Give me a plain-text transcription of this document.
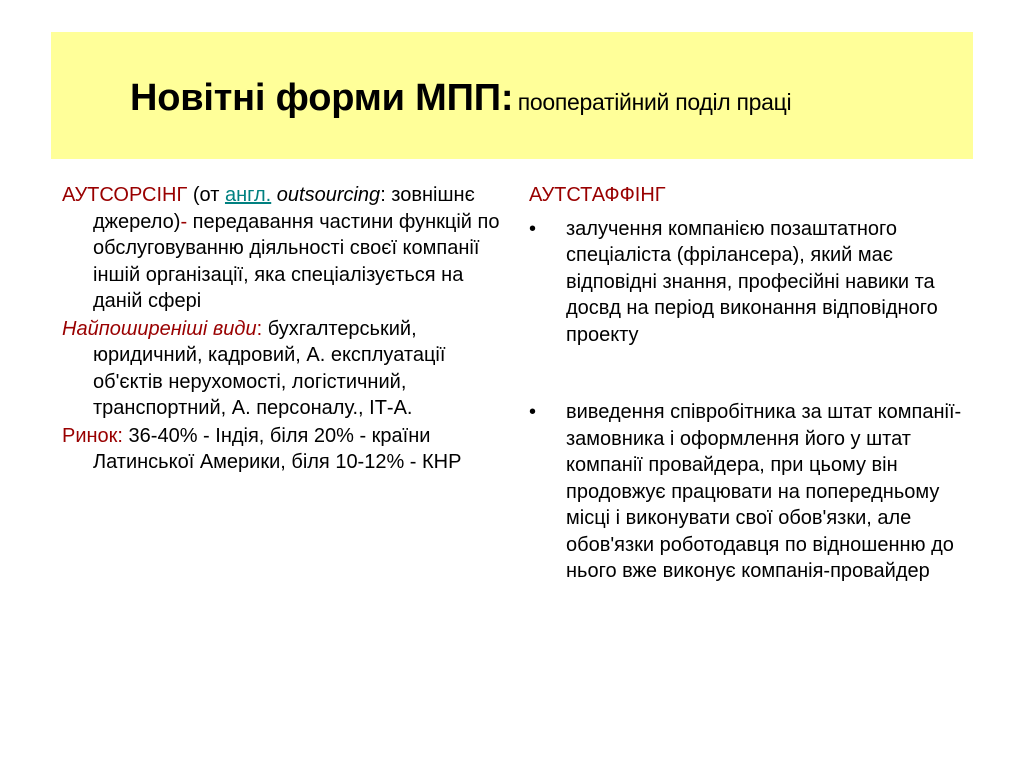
Новітні форми МПП: пооператійний поділ праці

АУТСОРСІНГ (от англ. outsourcing: зовнішнє джерело)- передавання частини функцій по обслуговуванню діяльності своєї компанії іншій організації, яка спеціалізується на даній сфері

Найпоширеніші види: бухгалтерський, юридичний, кадровий, А. експлуатації об'єктів нерухомості, логістичний, транспортний, А. персоналу., ІТ-А.

Ринок: 36-40% - Індія, біля 20% - країни Латинської Америки, біля 10-12% - КНР

АУТСТАФФІНГ

• залучення компанією позаштатного спеціаліста (фрілансера), який має відповідні знання, професійні навики та досвд на період виконання відповідного проекту
• виведення співробітника за штат компанії-замовника і оформлення його у штат компанії провайдера, при цьому він продовжує працювати на попередньому місці і виконувати свої обов'язки, але обов'язки роботодавця по відношенню до нього вже виконує компанія-провайдер
